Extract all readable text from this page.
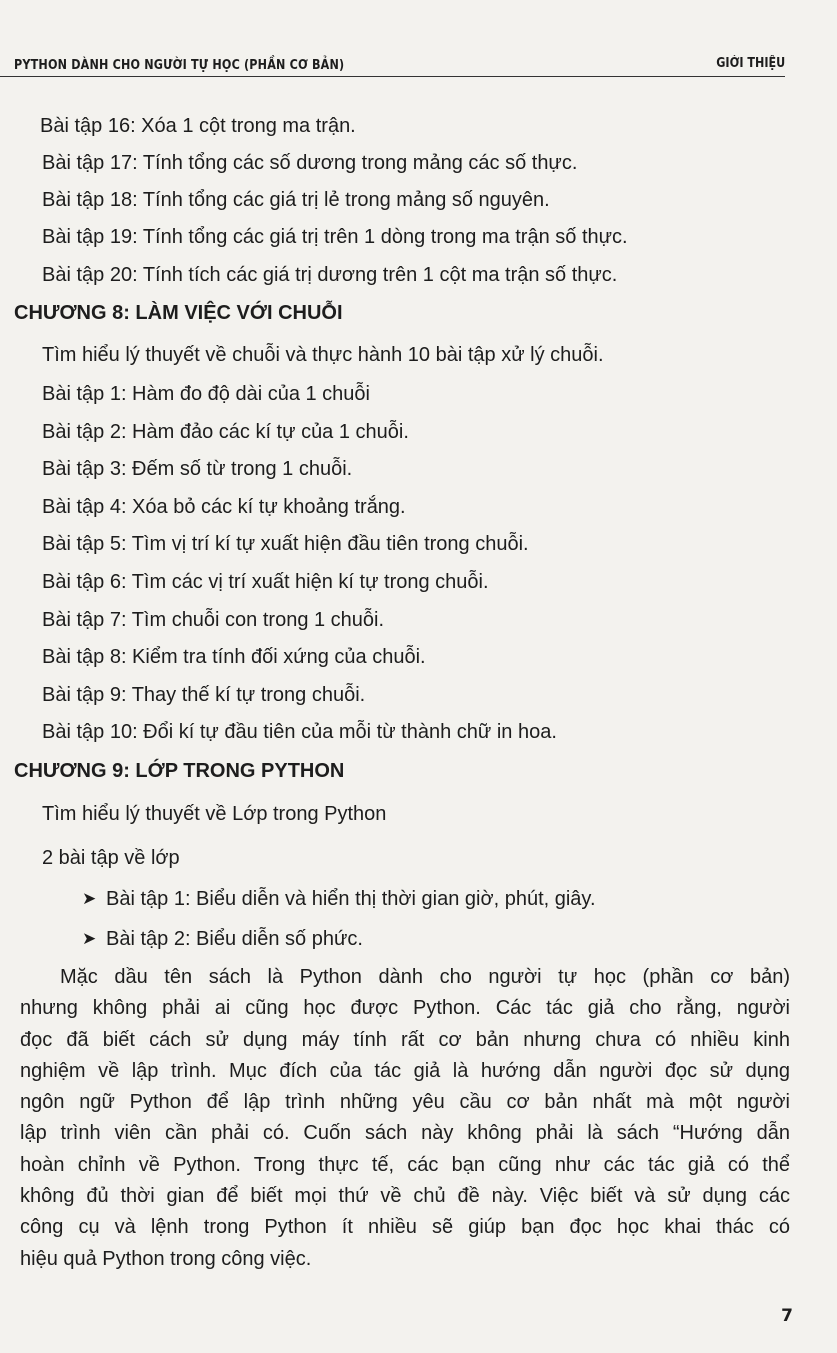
PYTHON DÀNH CHO NGƯỜI TỰ HỌC (PHẦN CƠ BẢN)	GIỚI THIỆU
Bài tập 16: Xóa 1 cột trong ma trận.
Bài tập 17: Tính tổng các số dương trong mảng các số thực.
Bài tập 18: Tính tổng các giá trị lẻ trong mảng số nguyên.
Bài tập 19: Tính tổng các giá trị trên 1 dòng trong ma trận số thực.
Bài tập 20: Tính tích các giá trị dương trên 1 cột ma trận số thực.
CHƯƠNG 8: LÀM VIỆC VỚI CHUỖI
Tìm hiểu lý thuyết về chuỗi và thực hành 10 bài tập xử lý chuỗi.
Bài tập 1: Hàm đo độ dài của 1 chuỗi
Bài tập 2: Hàm đảo các kí tự của 1 chuỗi.
Bài tập 3: Đếm số từ trong 1 chuỗi.
Bài tập 4: Xóa bỏ các kí tự khoảng trắng.
Bài tập 5: Tìm vị trí kí tự xuất hiện đầu tiên trong chuỗi.
Bài tập 6: Tìm các vị trí xuất hiện kí tự trong chuỗi.
Bài tập 7: Tìm chuỗi con trong 1 chuỗi.
Bài tập 8: Kiểm tra tính đối xứng của chuỗi.
Bài tập 9: Thay thế kí tự trong chuỗi.
Bài tập 10: Đổi kí tự đầu tiên của mỗi từ thành chữ in hoa.
CHƯƠNG 9: LỚP TRONG PYTHON
Tìm hiểu lý thuyết về Lớp trong Python
2 bài tập về lớp
➤ Bài tập 1: Biểu diễn và hiển thị thời gian giờ, phút, giây.
➤ Bài tập 2: Biểu diễn số phức.
Mặc dầu tên sách là Python dành cho người tự học (phần cơ bản)
nhưng không phải ai cũng học được Python. Các tác giả cho rằng, người
đọc đã biết cách sử dụng máy tính rất cơ bản nhưng chưa có nhiều kinh
nghiệm về lập trình. Mục đích của tác giả là hướng dẫn người đọc sử dụng
ngôn ngữ Python để lập trình những yêu cầu cơ bản nhất mà một người
lập trình viên cần phải có. Cuốn sách này không phải là sách “Hướng dẫn
hoàn chỉnh về Python. Trong thực tế, các bạn cũng như các tác giả có thể
không đủ thời gian để biết mọi thứ về chủ đề này. Việc biết và sử dụng các
công cụ và lệnh trong Python ít nhiều sẽ giúp bạn đọc học khai thác có
hiệu quả Python trong công việc.
7
